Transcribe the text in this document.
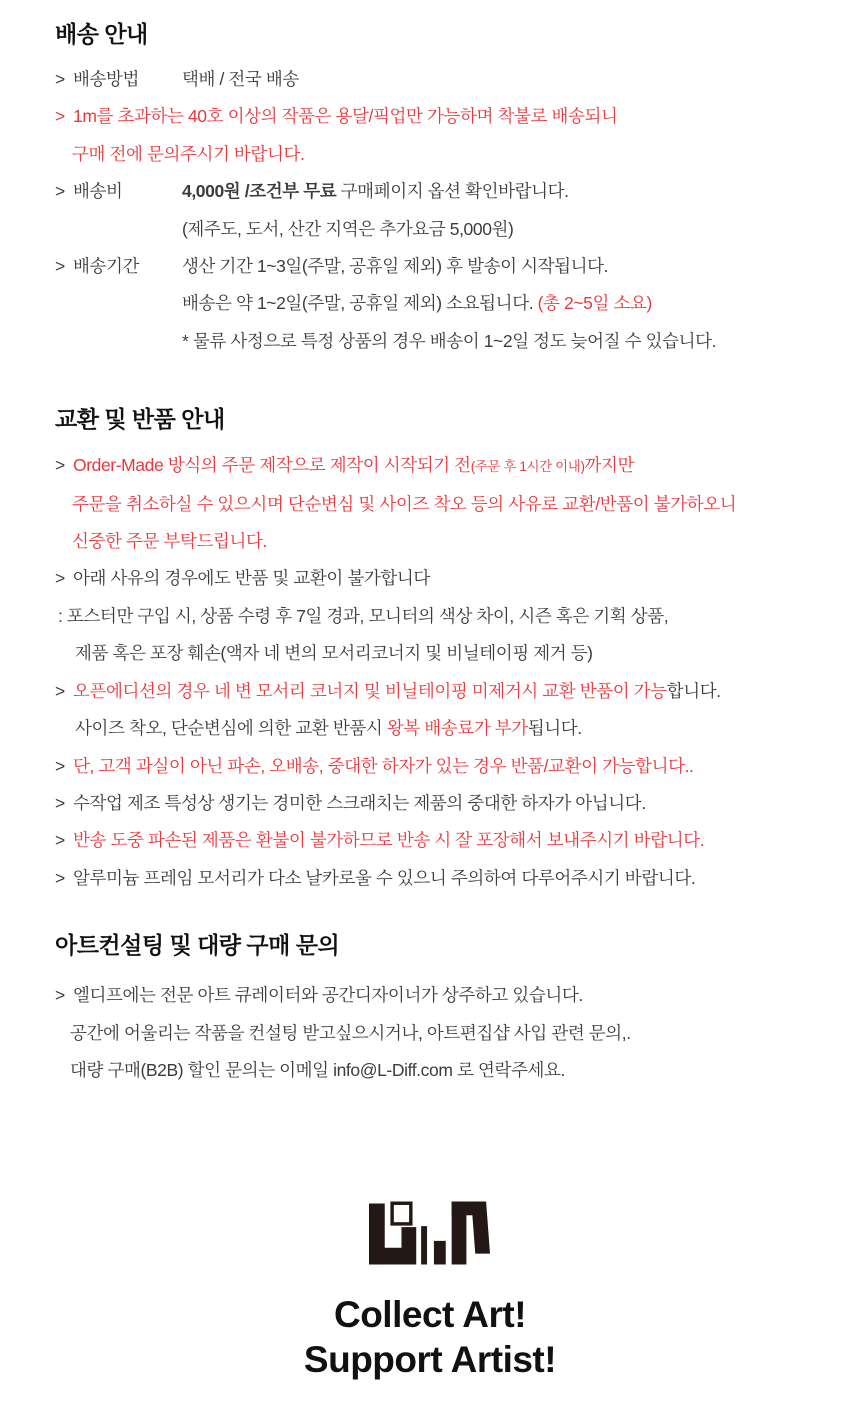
배송 안내
> 배송방법 택배 / 전국 배송
> 1m를 초과하는 40호 이상의 작품은 용달/픽업만 가능하며 착불로 배송되니
구매 전에 문의주시기 바랍니다.
> 배송비	4,000원 /조건부 무료 구매페이지 옵션 확인바랍니다.
(제주도, 도서, 산간 지역은 추가요금 5,000원)
> 배송기간 생산 기간 1~3일(주말, 공휴일 제외) 후 발송이 시작됩니다.
배송은 약 1~2일(주말, 공휴일 제외) 소요됩니다. (총 2~5일 소요)
* 물류 사정으로 특정 상품의 경우 배송이 1~2일 정도 늦어질 수 있습니다.
교환 및 반품 안내
> Order-Made 방식의 주문 제작으로 제작이 시작되기 전(주문 후 1시간 이내)까지만
주문을 취소하실 수 있으시며 단순변심 및 사이즈 착오 등의 사유로 교환/반품이 불가하오니
신중한 주문 부탁드립니다.
> 아래 사유의 경우에도 반품 및 교환이 불가합니다
: 포스터만 구입 시, 상품 수령 후 7일 경과, 모니터의 색상 차이, 시즌 혹은 기획 상품,
제품 혹은 포장 훼손(액자 네 변의 모서리코너지 및 비닐테이핑 제거 등)
> 오픈에디션의 경우 네 변 모서리 코너지 및 비닐테이핑 미제거시 교환 반품이 가능합니다.
사이즈 착오, 단순변심에 의한 교환 반품시 왕복 배송료가 부가됩니다.
> 단, 고객 과실이 아닌 파손, 오배송, 중대한 하자가 있는 경우 반품/교환이 가능합니다..
> 수작업 제조 특성상 생기는 경미한 스크래치는 제품의 중대한 하자가 아닙니다.
> 반송 도중 파손된 제품은 환불이 불가하므로 반송 시 잘 포장해서 보내주시기 바랍니다.
> 알루미늄 프레임 모서리가 다소 날카로울 수 있으니 주의하여 다루어주시기 바랍니다.
아트컨설팅 및 대량 구매 문의
> 엘디프에는 전문 아트 큐레이터와 공간디자이너가 상주하고 있습니다.
공간에 어울리는 작품을 컨설팅 받고싶으시거나, 아트편집샵 사입 관련 문의,.
대량 구매(B2B) 할인 문의는 이메일 info@L-Diff.com 로 연락주세요.
Collect Art!
Support Artist!
